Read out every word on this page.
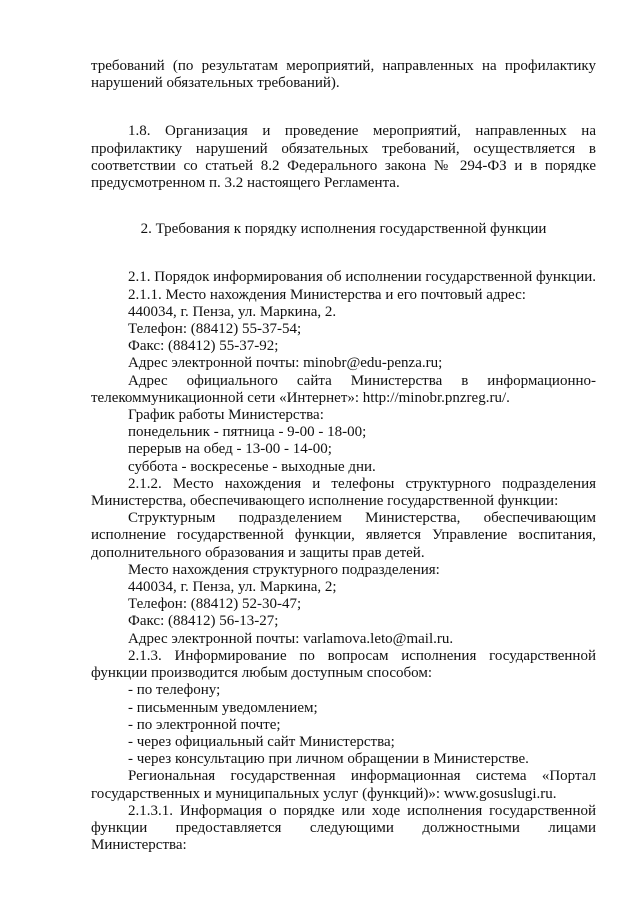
требований (по результатам мероприятий, направленных на профилактику нарушений обязательных требований).

1.8. Организация и проведение мероприятий, направленных на профилактику нарушений обязательных требований, осуществляется в соответствии со статьей 8.2 Федерального закона № 294-ФЗ и в порядке предусмотренном п. 3.2 настоящего Регламента.

2. Требования к порядку исполнения государственной функции

2.1. Порядок информирования об исполнении государственной функции.

2.1.1. Место нахождения Министерства и его почтовый адрес:

440034, г. Пенза, ул. Маркина, 2.

Телефон: (88412) 55-37-54;

Факс: (88412) 55-37-92;

Адрес электронной почты: minobr@edu-penza.ru;

Адрес официального сайта Министерства в информационно-телекоммуникационной сети «Интернет»: http://minobr.pnzreg.ru/.

График работы Министерства:

понедельник - пятница - 9-00 - 18-00;

перерыв на обед - 13-00 - 14-00;

суббота - воскресенье - выходные дни.

2.1.2. Место нахождения и телефоны структурного подразделения Министерства, обеспечивающего исполнение государственной функции:

Структурным подразделением Министерства, обеспечивающим исполнение государственной функции, является Управление воспитания, дополнительного образования и защиты прав детей.

Место нахождения структурного подразделения:

440034, г. Пенза, ул. Маркина, 2;

Телефон: (88412) 52-30-47;

Факс: (88412) 56-13-27;

Адрес электронной почты: varlamova.leto@mail.ru.

2.1.3. Информирование по вопросам исполнения государственной функции производится любым доступным способом:

- по телефону;

- письменным уведомлением;

- по электронной почте;

- через официальный сайт Министерства;

- через консультацию при личном обращении в Министерстве.

Региональная государственная информационная система «Портал государственных и муниципальных услуг (функций)»: www.gosuslugi.ru.

2.1.3.1. Информация о порядке или ходе исполнения государственной функции предоставляется следующими должностными лицами Министерства:
